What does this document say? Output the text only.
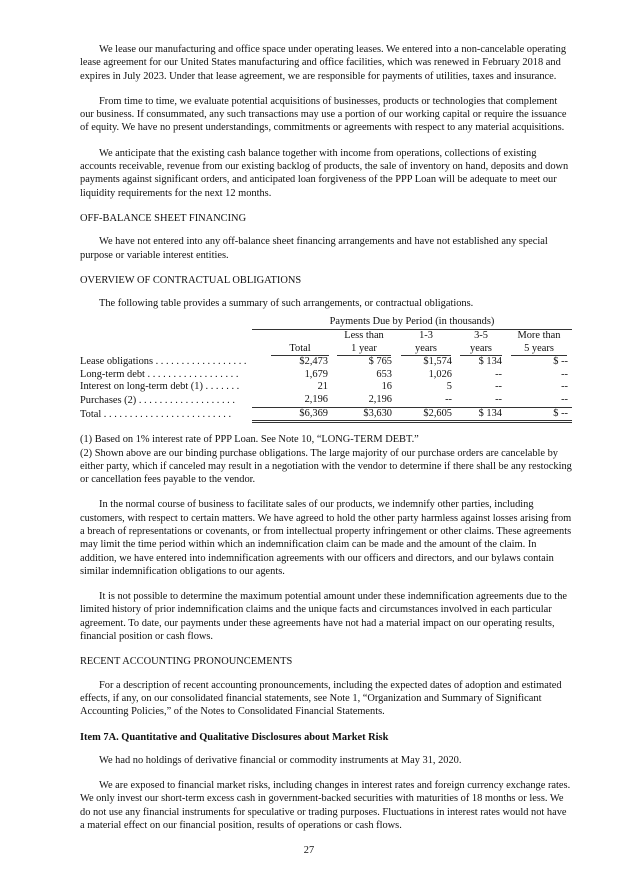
We lease our manufacturing and office space under operating leases. We entered into a non-cancelable operating lease agreement for our United States manufacturing and office facilities, which was renewed in February 2018 and expires in July 2023. Under that lease agreement, we are responsible for payments of utilities, taxes and insurance.

From time to time, we evaluate potential acquisitions of businesses, products or technologies that complement our business. If consummated, any such transactions may use a portion of our working capital or require the issuance of equity. We have no present understandings, commitments or agreements with respect to any material acquisitions.

We anticipate that the existing cash balance together with income from operations, collections of existing accounts receivable, revenue from our existing backlog of products, the sale of inventory on hand, deposits and down payments against significant orders, and anticipated loan forgiveness of the PPP Loan will be adequate to meet our liquidity requirements for the next 12 months.

OFF-BALANCE SHEET FINANCING

We have not entered into any off-balance sheet financing arrangements and have not established any special purpose or variable interest entities.

OVERVIEW OF CONTRACTUAL OBLIGATIONS

The following table provides a summary of such arrangements, or contractual obligations.

	Payments Due by Period (in thousands)				
		Less than	1-3	3-5	More than
	Total	1 year	years	years	5 years
Lease obligations . . . . . . . . . . . . . . . . . .	$2,473	$ 765	$1,574	$ 134	$ --
Long-term debt . . . . . . . . . . . . . . . . . .	1,679	653	1,026	--	--
Interest on long-term debt (1) . . . . . . .	21	16	5	--	--
Purchases (2) . . . . . . . . . . . . . . . . . . .	2,196	2,196	--	--	--
Total . . . . . . . . . . . . . . . . . . . . . . . . .	$6,369	$3,630	$2,605	$ 134	$ --

(1) Based on 1% interest rate of PPP Loan. See Note 10, “LONG-TERM DEBT.”

(2) Shown above are our binding purchase obligations. The large majority of our purchase orders are cancelable by either party, which if canceled may result in a negotiation with the vendor to determine if there shall be any restocking or cancellation fees payable to the vendor.

In the normal course of business to facilitate sales of our products, we indemnify other parties, including customers, with respect to certain matters. We have agreed to hold the other party harmless against losses arising from a breach of representations or covenants, or from intellectual property infringement or other claims. These agreements may limit the time period within which an indemnification claim can be made and the amount of the claim. In addition, we have entered into indemnification agreements with our officers and directors, and our bylaws contain similar indemnification obligations to our agents.

It is not possible to determine the maximum potential amount under these indemnification agreements due to the limited history of prior indemnification claims and the unique facts and circumstances involved in each particular agreement. To date, our payments under these agreements have not had a material impact on our operating results, financial position or cash flows.

RECENT ACCOUNTING PRONOUNCEMENTS

For a description of recent accounting pronouncements, including the expected dates of adoption and estimated effects, if any, on our consolidated financial statements, see Note 1, “Organization and Summary of Significant Accounting Policies,” of the Notes to Consolidated Financial Statements.

Item 7A. Quantitative and Qualitative Disclosures about Market Risk

We had no holdings of derivative financial or commodity instruments at May 31, 2020.

We are exposed to financial market risks, including changes in interest rates and foreign currency exchange rates. We only invest our short-term excess cash in government-backed securities with maturities of 18 months or less. We do not use any financial instruments for speculative or trading purposes. Fluctuations in interest rates would not have a material effect on our financial position, results of operations or cash flows.

27
